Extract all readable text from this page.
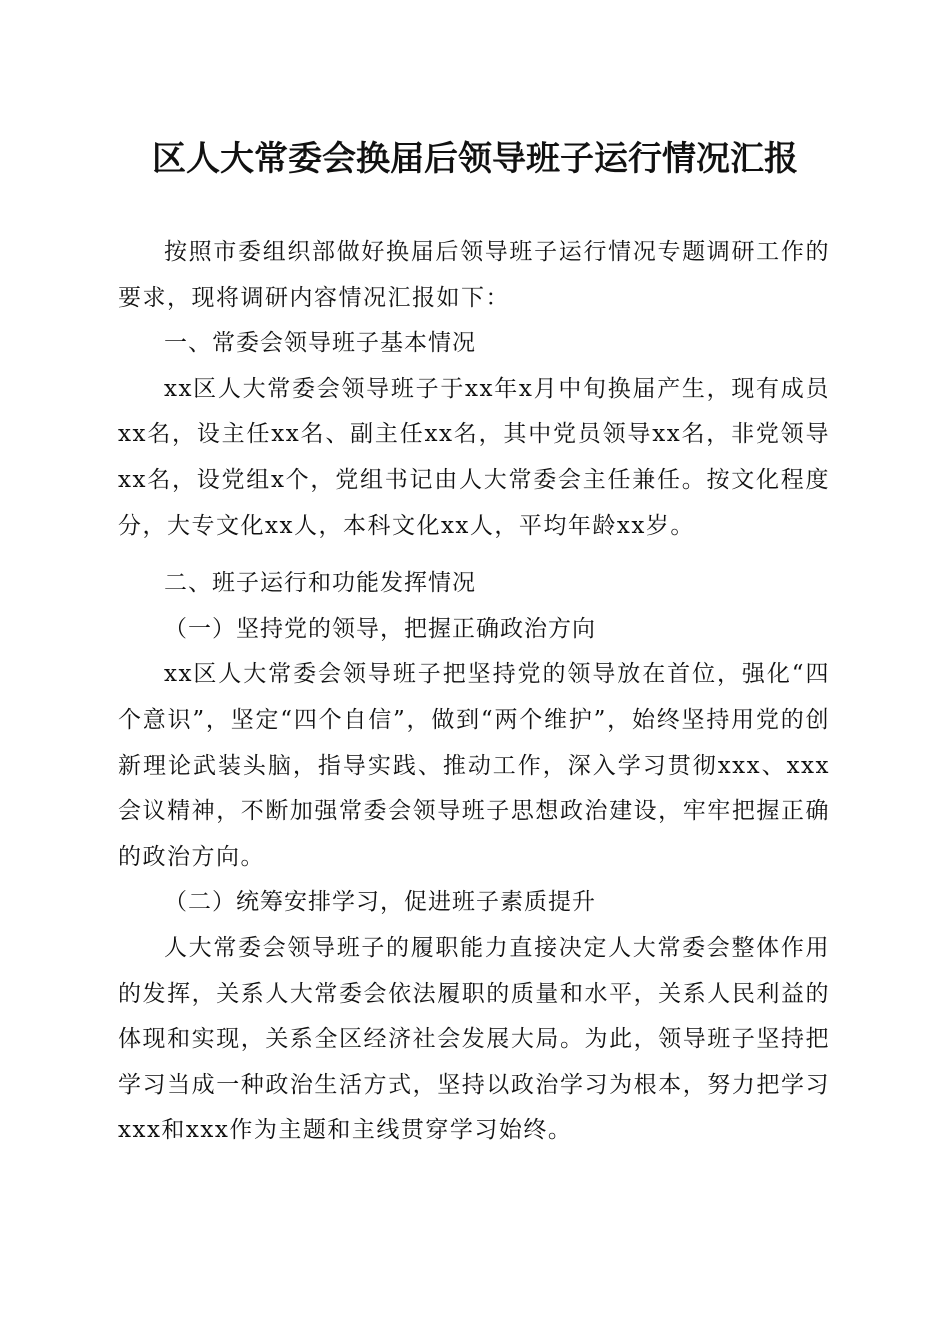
区人大常委会换届后领导班子运行情况汇报

按照市委组织部做好换届后领导班子运行情况专题调研工作的要求，现将调研内容情况汇报如下：

一、常委会领导班子基本情况

xx区人大常委会领导班子于xx年x月中旬换届产生，现有成员xx名，设主任xx名、副主任xx名，其中党员领导xx名，非党领导xx名，设党组x个，党组书记由人大常委会主任兼任。按文化程度分，大专文化xx人，本科文化xx人，平均年龄xx岁。

二、班子运行和功能发挥情况

（一）坚持党的领导，把握正确政治方向

xx区人大常委会领导班子把坚持党的领导放在首位，强化“四个意识”，坚定“四个自信”，做到“两个维护”，始终坚持用党的创新理论武装头脑，指导实践、推动工作，深入学习贯彻xxx、xxx会议精神，不断加强常委会领导班子思想政治建设，牢牢把握正确的政治方向。

（二）统筹安排学习，促进班子素质提升

人大常委会领导班子的履职能力直接决定人大常委会整体作用的发挥，关系人大常委会依法履职的质量和水平，关系人民利益的体现和实现，关系全区经济社会发展大局。为此，领导班子坚持把学习当成一种政治生活方式，坚持以政治学习为根本，努力把学习xxx和xxx作为主题和主线贯穿学习始终。
